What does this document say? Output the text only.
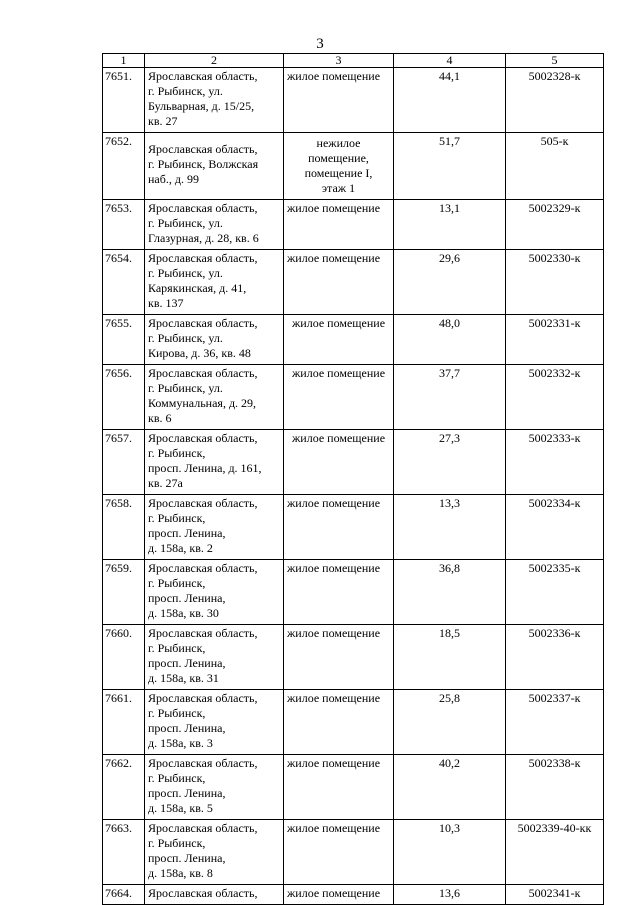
3
1	2	3	4	5
7651.	Ярославская область,
г. Рыбинск, ул.
Бульварная, д. 15/25,
кв. 27	жилое помещение	44,1	5002328-к
7652.	Ярославская область,
г. Рыбинск, Волжская
наб., д. 99	нежилое
помещение,
помещение I,
этаж 1	51,7	505-к
7653.	Ярославская область,
г. Рыбинск, ул.
Глазурная, д. 28, кв. 6	жилое помещение	13,1	5002329-к
7654.	Ярославская область,
г. Рыбинск, ул.
Карякинская, д. 41,
кв. 137	жилое помещение	29,6	5002330-к
7655.	Ярославская область,
г. Рыбинск, ул.
Кирова, д. 36, кв. 48	жилое помещение	48,0	5002331-к
7656.	Ярославская область,
г. Рыбинск, ул.
Коммунальная, д. 29,
кв. 6	жилое помещение	37,7	5002332-к
7657.	Ярославская область,
г. Рыбинск,
просп. Ленина, д. 161,
кв. 27а	жилое помещение	27,3	5002333-к
7658.	Ярославская область,
г. Рыбинск,
просп. Ленина,
д. 158а, кв. 2	жилое помещение	13,3	5002334-к
7659.	Ярославская область,
г. Рыбинск,
просп. Ленина,
д. 158а, кв. 30	жилое помещение	36,8	5002335-к
7660.	Ярославская область,
г. Рыбинск,
просп. Ленина,
д. 158а, кв. 31	жилое помещение	18,5	5002336-к
7661.	Ярославская область,
г. Рыбинск,
просп. Ленина,
д. 158а, кв. 3	жилое помещение	25,8	5002337-к
7662.	Ярославская область,
г. Рыбинск,
просп. Ленина,
д. 158а, кв. 5	жилое помещение	40,2	5002338-к
7663.	Ярославская область,
г. Рыбинск,
просп. Ленина,
д. 158а, кв. 8	жилое помещение	10,3	5002339-40-кк
7664.	Ярославская область,	жилое помещение	13,6	5002341-к
